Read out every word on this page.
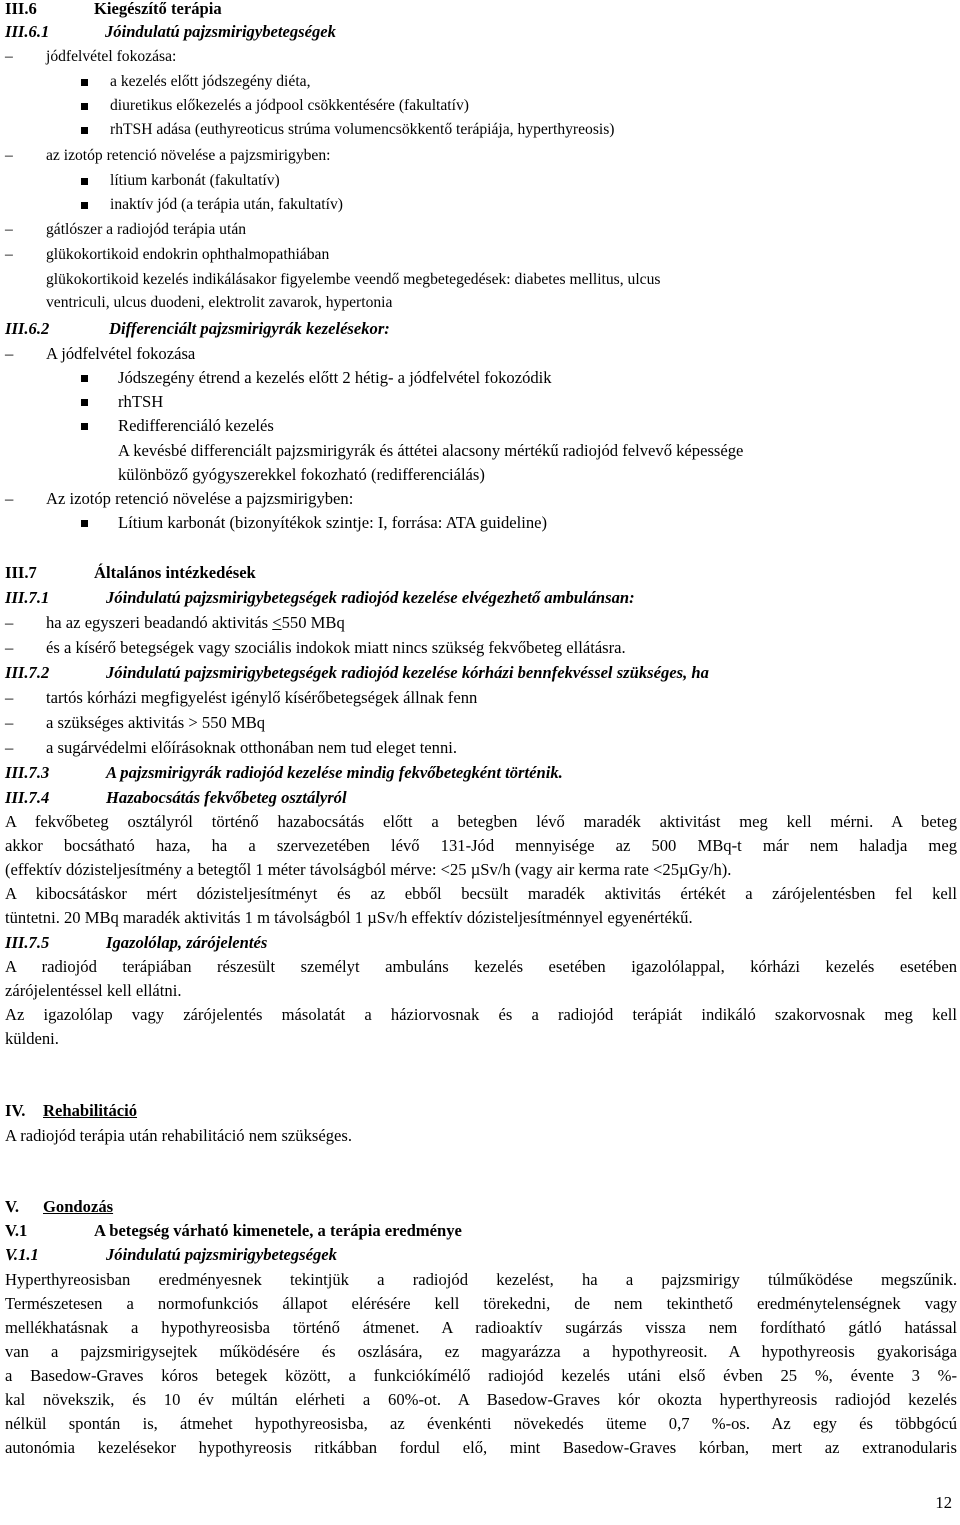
III.6	Kiegészítő terápia
III.6.1	Jóindulatú pajzsmirigybetegségek
– jódfelvétel fokozása:
a kezelés előtt jódszegény diéta,
diuretikus előkezelés a jódpool csökkentésére (fakultatív)
rhTSH adása (euthyreoticus strúma volumencsökkentő terápiája, hyperthyreosis)
– az izotóp retenció növelése a pajzsmirigyben:
lítium karbonát (fakultatív)
inaktív jód (a terápia után, fakultatív)
– gátlószer a radiojód terápia után
– glükokortikoid endokrin ophthalmopathiában
glükokortikoid kezelés indikálásakor figyelembe veendő megbetegedések: diabetes mellitus, ulcus
ventriculi, ulcus duodeni, elektrolit zavarok, hypertonia
III.6.2	Differenciált pajzsmirigyrák kezelésekor:
– A jódfelvétel fokozása
Jódszegény étrend a kezelés előtt 2 hétig- a jódfelvétel fokozódik
rhTSH
Redifferenciáló kezelés
A kevésbé differenciált pajzsmirigyrák és áttétei alacsony mértékű radiojód felvevő képessége
különböző gyógyszerekkel fokozható (redifferenciálás)
– Az izotóp retenció növelése a pajzsmirigyben:
Lítium karbonát (bizonyítékok szintje: I, forrása: ATA guideline)
III.7	Általános intézkedések
III.7.1	Jóindulatú pajzsmirigybetegségek radiojód kezelése elvégezhető ambulánsan:
– ha az egyszeri beadandó aktivitás ≤550 MBq
– és a kísérő betegségek vagy szociális indokok miatt nincs szükség fekvőbeteg ellátásra.
III.7.2	Jóindulatú pajzsmirigybetegségek radiojód kezelése kórházi bennfekvéssel szükséges, ha
– tartós kórházi megfigyelést igénylő kísérőbetegségek állnak fenn
– a szükséges aktivitás > 550 MBq
– a sugárvédelmi előírásoknak otthonában nem tud eleget tenni.
III.7.3	A pajzsmirigyrák radiojód kezelése mindig fekvőbetegként történik.
III.7.4	Hazabocsátás fekvőbeteg osztályról
A fekvőbeteg osztályról történő hazabocsátás előtt a betegben lévő maradék aktivitást meg kell mérni. A beteg
akkor bocsátható haza, ha a szervezetében lévő 131-Jód mennyisége az 500 MBq-t már nem haladja meg
(effektív dózisteljesítmény a betegtől 1 méter távolságból mérve: <25 µSv/h (vagy air kerma rate <25µGy/h).
A kibocsátáskor mért dózisteljesítményt és az ebből becsült maradék aktivitás értékét a zárójelentésben fel kell
tüntetni. 20 MBq maradék aktivitás 1 m távolságból 1 µSv/h effektív dózisteljesítménnyel egyenértékű.
III.7.5	Igazolólap, zárójelentés
A radiojód terápiában részesült személyt ambuláns kezelés esetében igazolólappal, kórházi kezelés esetében
zárójelentéssel kell ellátni.
Az igazolólap vagy zárójelentés másolatát a háziorvosnak és a radiojód terápiát indikáló szakorvosnak meg kell
küldeni.
IV. Rehabilitáció
A radiojód terápia után rehabilitáció nem szükséges.
V. Gondozás
V.1	A betegség várható kimenetele, a terápia eredménye
V.1.1	Jóindulatú pajzsmirigybetegségek
Hyperthyreosisban eredményesnek tekintjük a radiojód kezelést, ha a pajzsmirigy túlműködése megszűnik.
Természetesen a normofunkciós állapot elérésére kell törekedni, de nem tekinthető eredménytelenségnek vagy
mellékhatásnak a hypothyreosisba történő átmenet. A radioaktív sugárzás vissza nem fordítható gátló hatással
van a pajzsmirigysejtek működésére és oszlására, ez magyarázza a hypothyreosit. A hypothyreosis gyakorisága
a Basedow-Graves kóros betegek között, a funkciókímélő radiojód kezelés utáni első évben 25 %, évente 3 %-
kal növekszik, és 10 év múltán elérheti a 60%-ot. A Basedow-Graves kór okozta hyperthyreosis radiojód kezelés
nélkül spontán is, átmehet hypothyreosisba, az évenkénti növekedés üteme 0,7 %-os. Az egy és többgócú
autonómia kezelésekor hypothyreosis ritkábban fordul elő, mint Basedow-Graves kórban, mert az extranodularis
12
